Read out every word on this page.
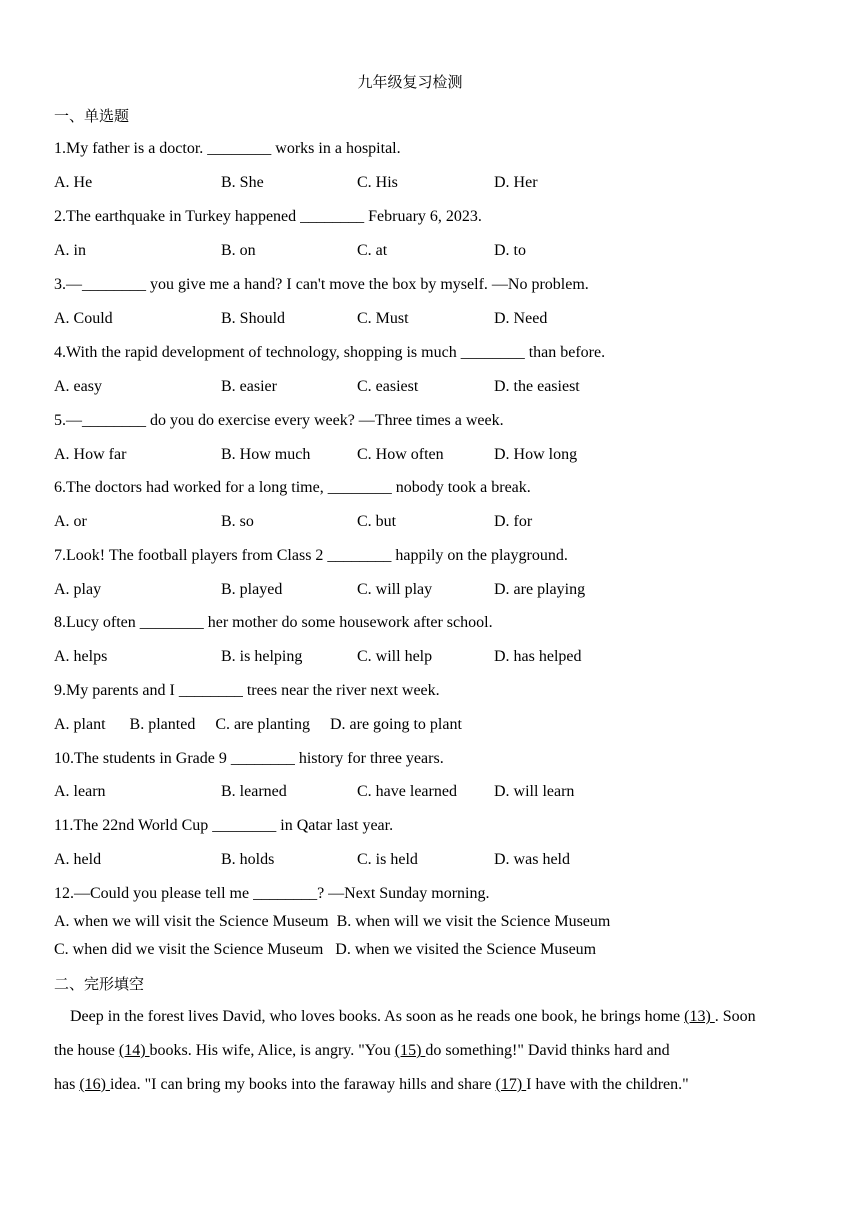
九年级复习检测
一、单选题
1.My father is a doctor. ________ works in a hospital.
A. He	B. She	C. His	D. Her
2.The earthquake in Turkey happened ________ February 6, 2023.
A. in	B. on	C. at	D. to
3.—________ you give me a hand? I can't move the box by myself. —No problem.
A. Could	B. Should	C. Must	D. Need
4.With the rapid development of technology, shopping is much ________ than before.
A. easy	B. easier	C. easiest	D. the easiest
5.—________ do you do exercise every week? —Three times a week.
A. How far	B. How much	C. How often	D. How long
6.The doctors had worked for a long time, ________ nobody took a break.
A. or	B. so	C. but	D. for
7.Look! The football players from Class 2 ________ happily on the playground.
A. play	B. played	C. will play	D. are playing
8.Lucy often ________ her mother do some housework after school.
A. helps	B. is helping	C. will help	D. has helped
9.My parents and I ________ trees near the river next week.
A. plant      B. planted     C. are planting     D. are going to plant
10.The students in Grade 9 ________ history for three years.
A. learn	B. learned	C. have learned D. will learn
11.The 22nd World Cup ________ in Qatar last year.
A. held	B. holds	C. is held	D. was held
12.—Could you please tell me ________? —Next Sunday morning.
A. when we will visit the Science Museum  B. when will we visit the Science Museum
C. when did we visit the Science Museum   D. when we visited the Science Museum
二、完形填空
Deep in the forest lives David, who loves books. As soon as he reads one book, he brings home (13) . Soon
the house (14) books. His wife, Alice, is angry. "You (15) do something!" David thinks hard and
has (16) idea. "I can bring my books into the faraway hills and share (17) I have with the children."
